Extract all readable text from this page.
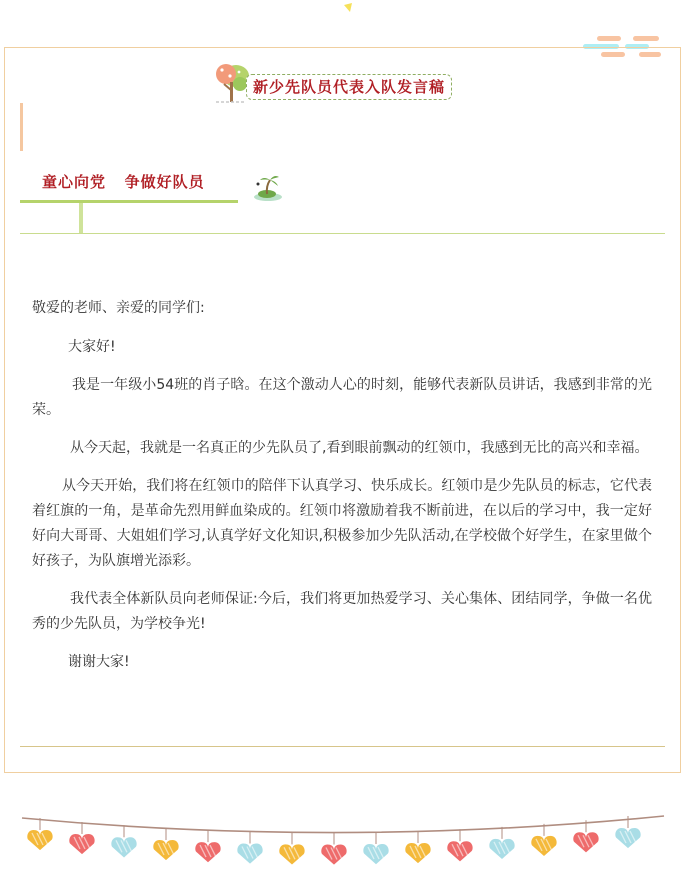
新少先队员代表入队发言稿
童心向党   争做好队员

敬爱的老师、亲爱的同学们:

大家好!

我是一年级小54班的肖子晗。在这个激动人心的时刻，能够代表新队员讲话，我感到非常的光荣。

从今天起，我就是一名真正的少先队员了,看到眼前飘动的红领巾，我感到无比的高兴和幸福。

从今天开始，我们将在红领巾的陪伴下认真学习、快乐成长。红领巾是少先队员的标志，它代表着红旗的一角，是革命先烈用鲜血染成的。红领巾将激励着我不断前进，在以后的学习中，我一定好好向大哥哥、大姐姐们学习,认真学好文化知识,积极参加少先队活动,在学校做个好学生，在家里做个好孩子，为队旗增光添彩。

我代表全体新队员向老师保证:今后，我们将更加热爱学习、关心集体、团结同学，争做一名优秀的少先队员，为学校争光!

谢谢大家!
